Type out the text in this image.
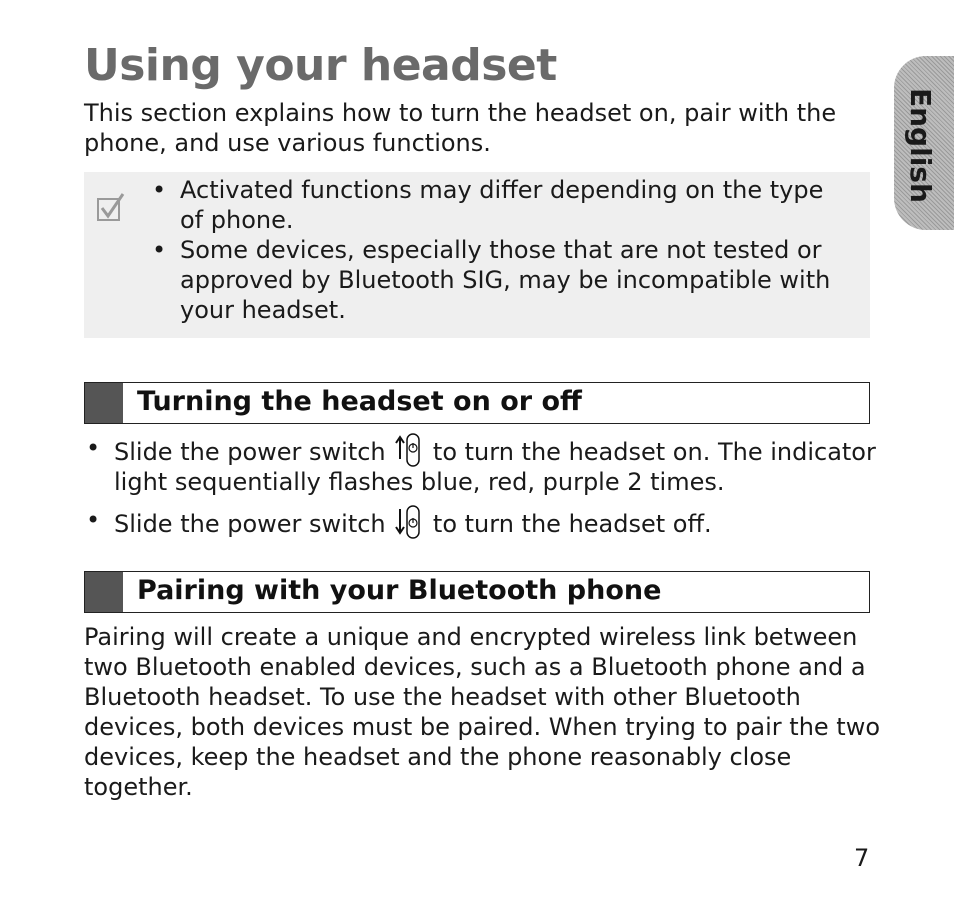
Using your headset

This section explains how to turn the headset on, pair with the phone, and use various functions.	English
• Activated functions may differ depending on the type of phone.
• Some devices, especially those that are not tested or approved by Bluetooth SIG, may be incompatible with your headset.
Turning the headset on or off
• Slide the power switch to turn the headset on. The indicator light sequentially flashes blue, red, purple 2 times.
• Slide the power switch to turn the headset off.
Pairing with your Bluetooth phone

Pairing will create a unique and encrypted wireless link between two Bluetooth enabled devices, such as a Bluetooth phone and a Bluetooth headset. To use the headset with other Bluetooth devices, both devices must be paired. When trying to pair the two devices, keep the headset and the phone reasonably close together.

7
